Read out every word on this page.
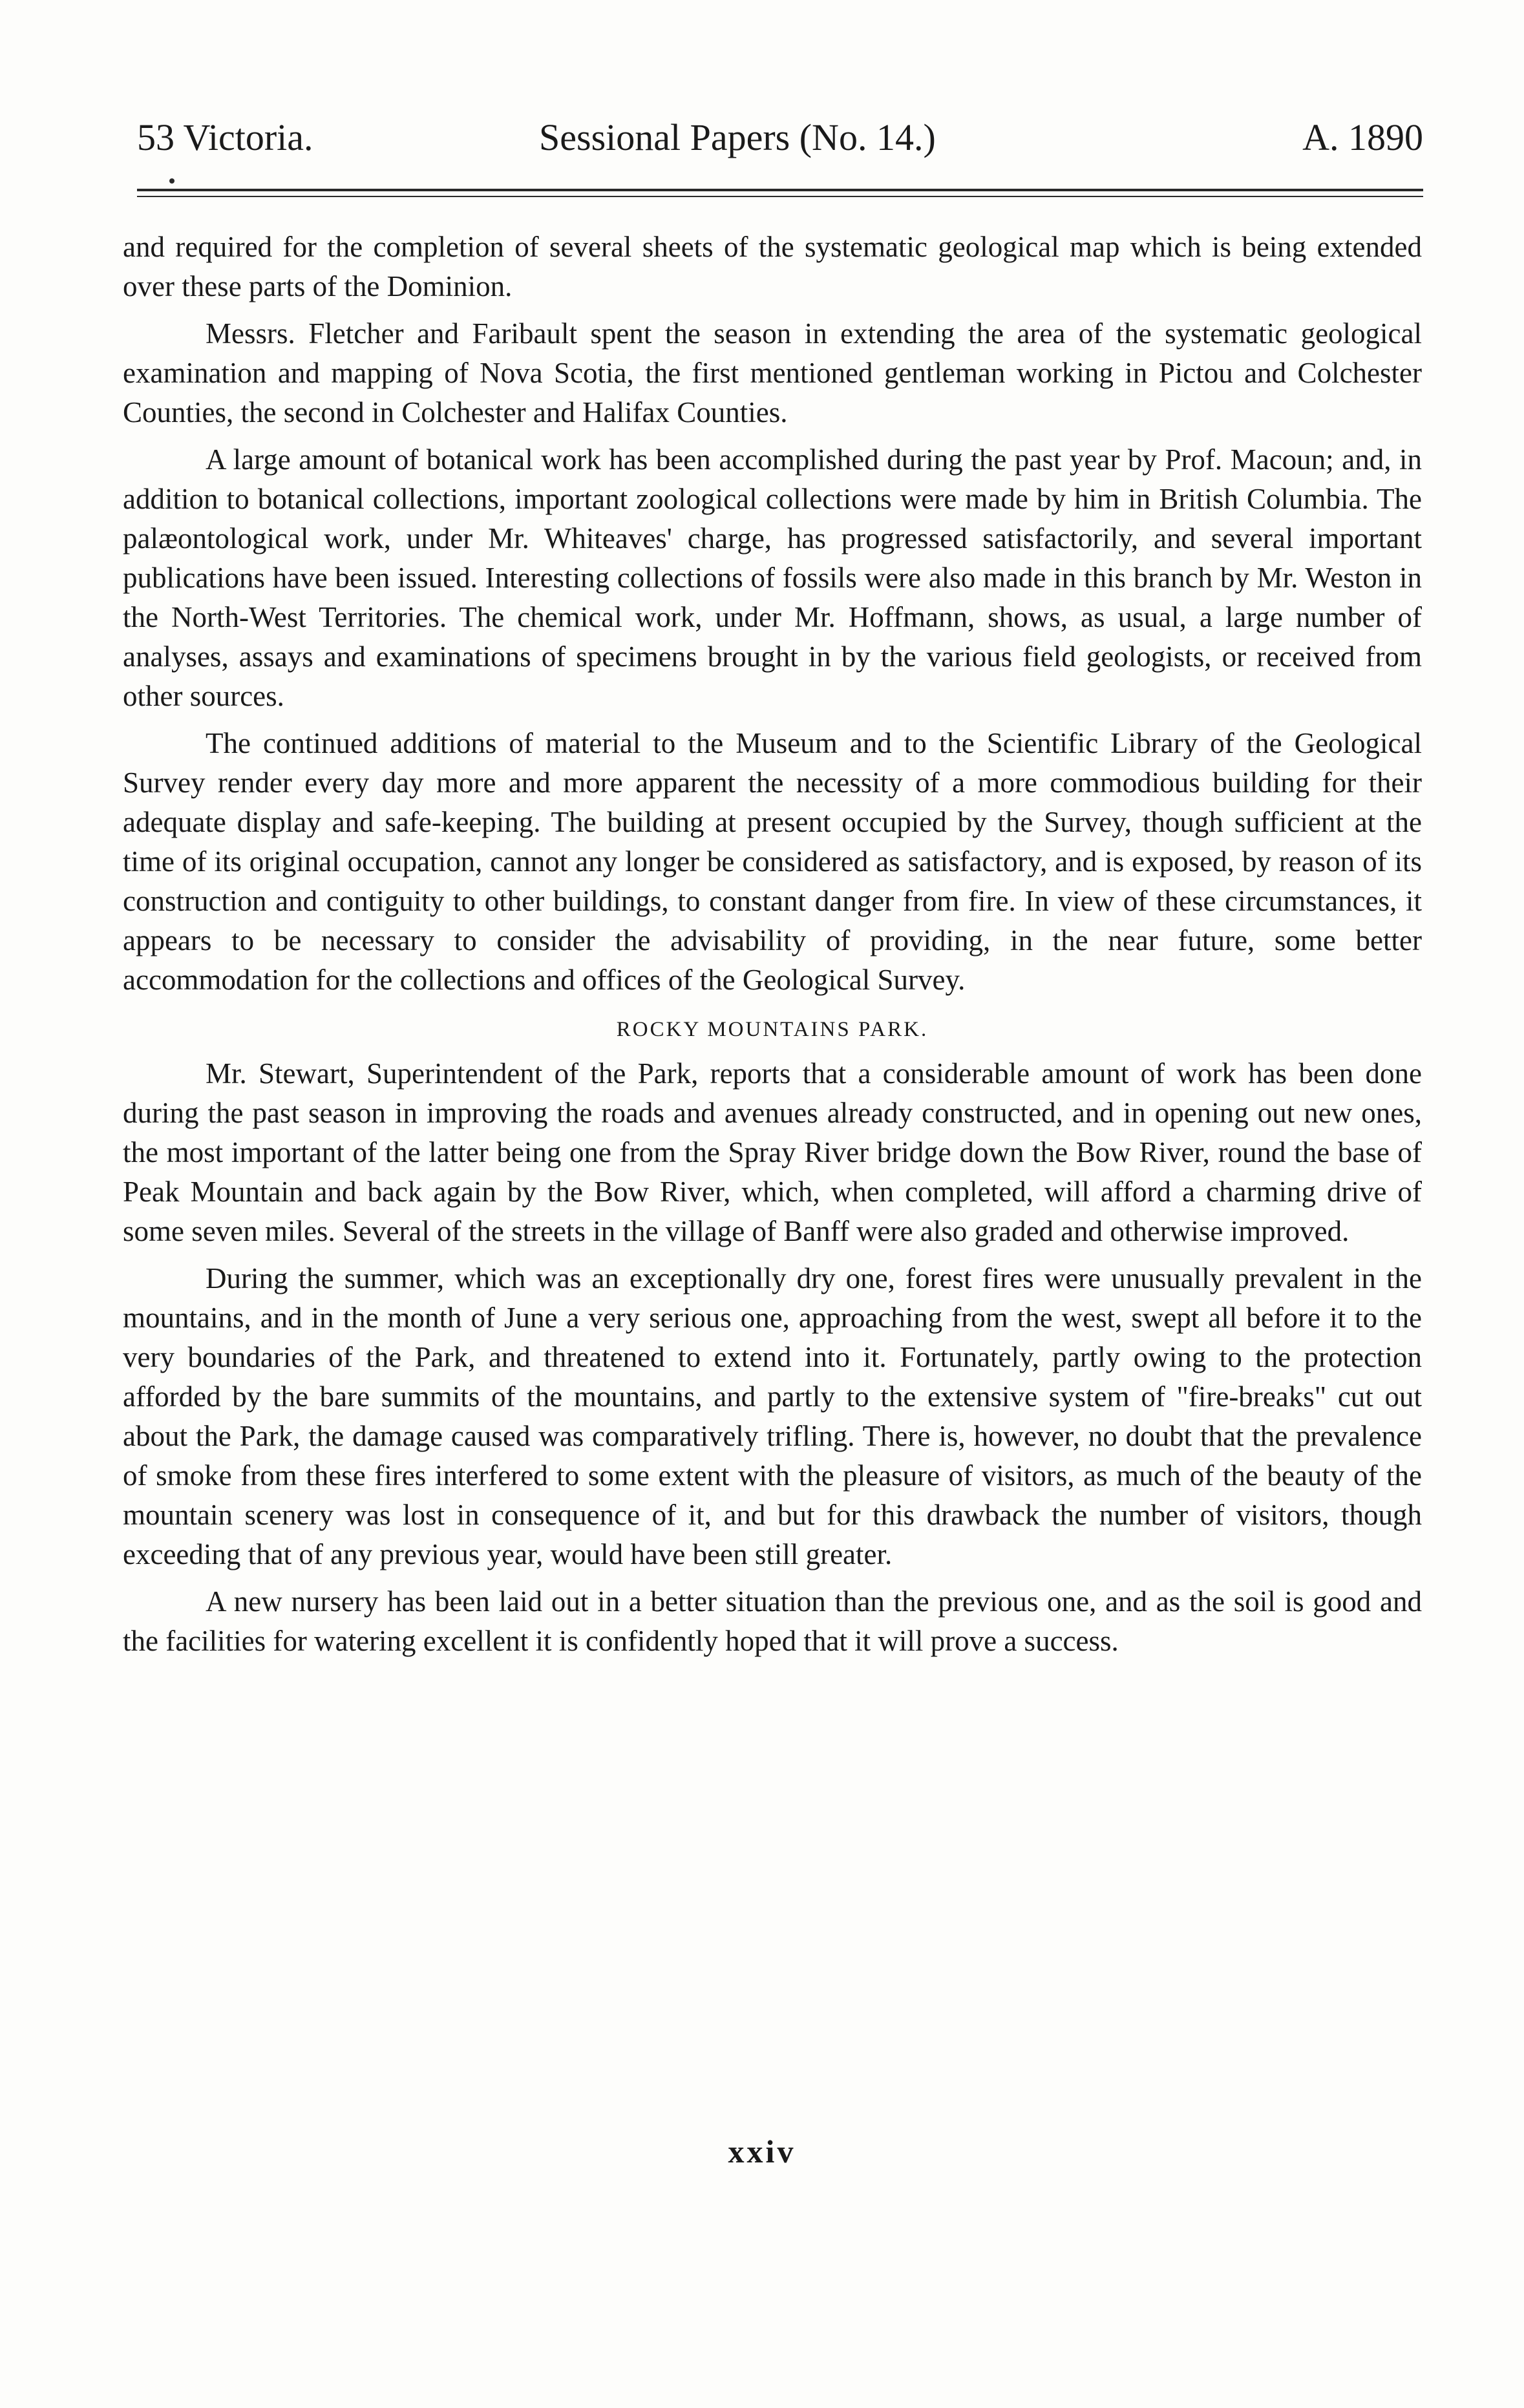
53 Victoria.	Sessional Papers (No. 14.)	A. 1890

and required for the completion of several sheets of the systematic geological map which is being extended over these parts of the Dominion.

Messrs. Fletcher and Faribault spent the season in extending the area of the systematic geological examination and mapping of Nova Scotia, the first mentioned gentleman working in Pictou and Colchester Counties, the second in Colchester and Halifax Counties.

A large amount of botanical work has been accomplished during the past year by Prof. Macoun; and, in addition to botanical collections, important zoological collections were made by him in British Columbia. The palæontological work, under Mr. Whiteaves' charge, has progressed satisfactorily, and several important publications have been issued. Interesting collections of fossils were also made in this branch by Mr. Weston in the North-West Territories. The chemical work, under Mr. Hoffmann, shows, as usual, a large number of analyses, assays and examinations of specimens brought in by the various field geologists, or received from other sources.

The continued additions of material to the Museum and to the Scientific Library of the Geological Survey render every day more and more apparent the necessity of a more commodious building for their adequate display and safe-keeping. The building at present occupied by the Survey, though sufficient at the time of its original occupation, cannot any longer be considered as satisfactory, and is exposed, by reason of its construction and contiguity to other buildings, to constant danger from fire. In view of these circumstances, it appears to be necessary to consider the advisability of providing, in the near future, some better accommodation for the collections and offices of the Geological Survey.

ROCKY MOUNTAINS PARK.

Mr. Stewart, Superintendent of the Park, reports that a considerable amount of work has been done during the past season in improving the roads and avenues already constructed, and in opening out new ones, the most important of the latter being one from the Spray River bridge down the Bow River, round the base of Peak Mountain and back again by the Bow River, which, when completed, will afford a charming drive of some seven miles. Several of the streets in the village of Banff were also graded and otherwise improved.

During the summer, which was an exceptionally dry one, forest fires were unusually prevalent in the mountains, and in the month of June a very serious one, approaching from the west, swept all before it to the very boundaries of the Park, and threatened to extend into it. Fortunately, partly owing to the protection afforded by the bare summits of the mountains, and partly to the extensive system of "fire-breaks" cut out about the Park, the damage caused was comparatively trifling. There is, however, no doubt that the prevalence of smoke from these fires interfered to some extent with the pleasure of visitors, as much of the beauty of the mountain scenery was lost in consequence of it, and but for this drawback the number of visitors, though exceeding that of any previous year, would have been still greater.

A new nursery has been laid out in a better situation than the previous one, and as the soil is good and the facilities for watering excellent it is confidently hoped that it will prove a success.

xxiv
